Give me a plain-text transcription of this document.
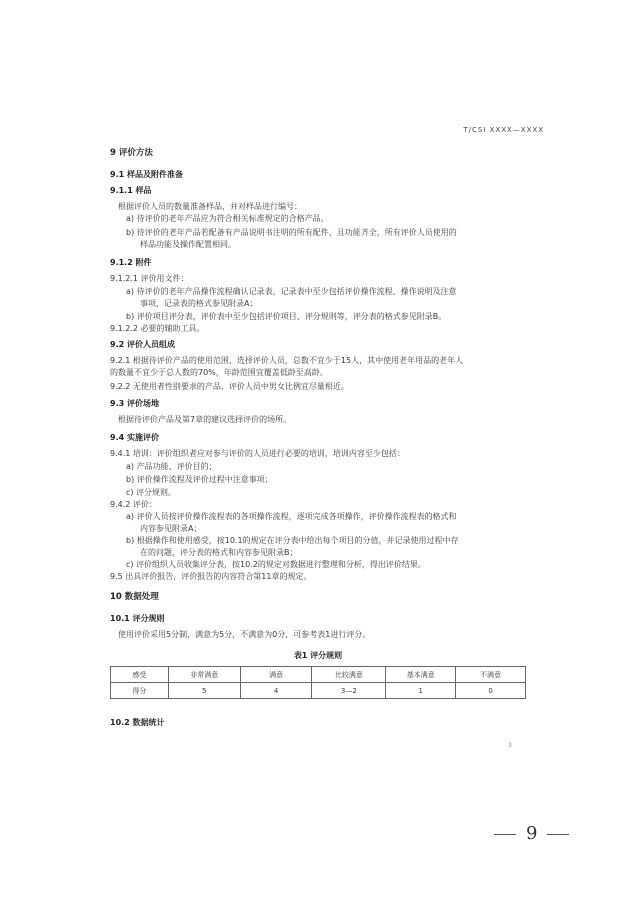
T/CSI XXXX—XXXX
9 评价方法
9.1 样品及附件准备
9.1.1 样品
根据评价人员的数量准备样品，并对样品进行编号：
a) 待评价的老年产品应为符合相关标准规定的合格产品。
b) 待评价的老年产品若配备有产品说明书注明的所有配件，且功能齐全，所有评价人员使用的
样品功能及操作配置相同。
9.1.2 附件
9.1.2.1 评价用文件：
a) 待评价的老年产品操作流程确认记录表，记录表中至少包括评价操作流程、操作说明及注意
事项，记录表的格式参见附录A；
b) 评价项目评分表，评价表中至少包括评价项目、评分规则等，评分表的格式参见附录B。
9.1.2.2 必要的辅助工具。
9.2 评价人员组成
9.2.1 根据待评价产品的使用范围，选择评价人员，总数不宜少于15人，其中使用老年用品的老年人
的数量不宜少于总人数的70%，年龄范围宜覆盖低龄至高龄。
9.2.2 无使用者性别要求的产品，评价人员中男女比例宜尽量相近。
9.3 评价场地
根据待评价产品及第7章的建议选择评价的场所。
9.4 实施评价
9.4.1 培训：评价组织者应对参与评价的人员进行必要的培训，培训内容至少包括：
a) 产品功能、评价目的；
b) 评价操作流程及评价过程中注意事项；
c) 评分规则。
9.4.2 评价：
a) 评价人员按评价操作流程表的各项操作流程，逐项完成各项操作，评价操作流程表的格式和
内容参见附录A；
b) 根据操作和使用感受，按10.1的规定在评分表中给出每个项目的分值，并记录使用过程中存
在的问题，评分表的格式和内容参见附录B；
c) 评价组织人员收集评分表，按10.2的规定对数据进行整理和分析，得出评价结果。
9.5 出具评价报告，评价报告的内容符合第11章的规定。
10 数据处理
10.1 评分规则
使用评价采用5分制，满意为5分，不满意为0分，可参考表1进行评分。
10.2 数据统计
表1 评分规则
感受	非常满意	满意	比较满意	基本满意	不满意
得分	5	4	3—2	1	0
3
9
